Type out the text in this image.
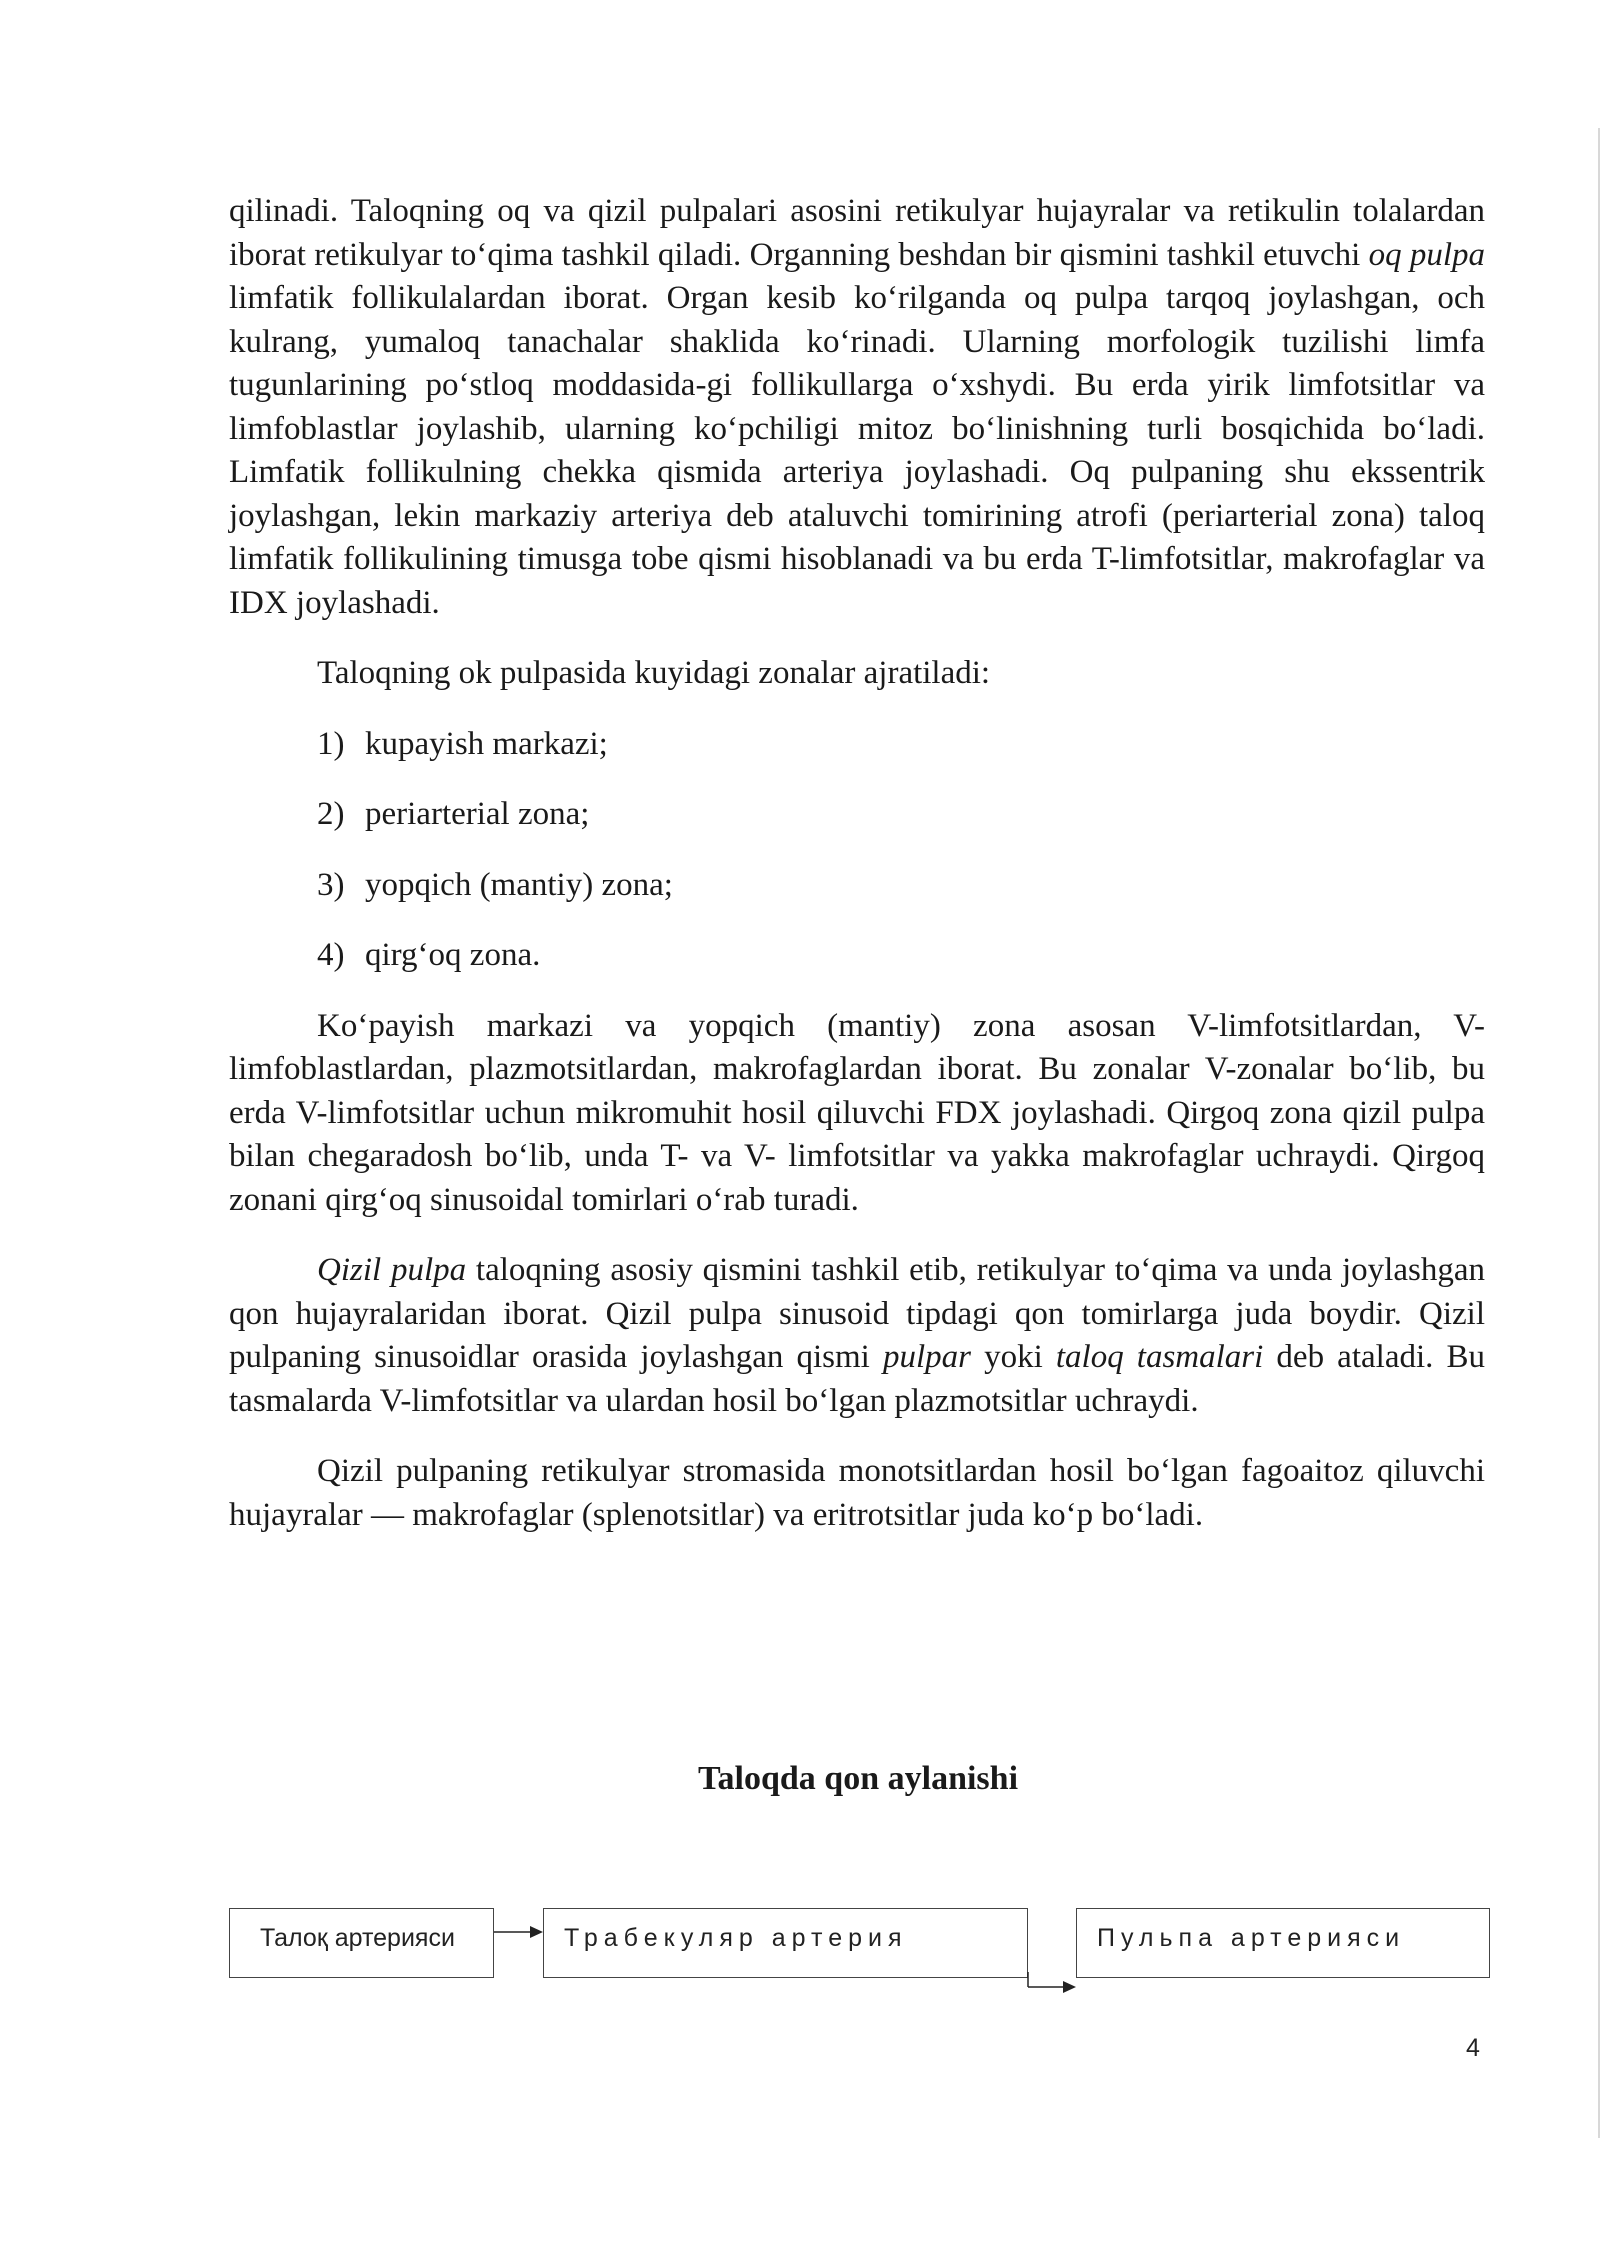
qilinadi. Taloqning oq va qizil pulpalari asosini retikulyar hujayralar va retikulin tolalardan iborat retikulyar to‘qima tashkil qiladi. Organning beshdan bir qismini tashkil etuvchi oq pulpa limfatik follikulalardan iborat. Organ kesib ko‘rilganda oq pulpa tarqoq joylashgan, och kulrang, yumaloq tanachalar shaklida ko‘rinadi. Ularning morfologik tuzilishi limfa tugunlarining po‘stloq moddasida-gi follikullarga o‘xshydi. Bu erda yirik limfotsitlar va limfoblastlar joylashib, ularning ko‘pchiligi mitoz bo‘linishning turli bosqichida bo‘ladi. Limfatik follikulning chekka qismida arteriya joylashadi. Oq pulpaning shu ekssentrik joylashgan, lekin markaziy arteriya deb ataluvchi tomirining atrofi (periarterial zona) taloq limfatik follikulining timusga tobe qismi hisoblanadi va bu erda T-limfotsitlar, makrofaglar va IDX joylashadi.

Taloqning ok pulpasida kuyidagi zonalar ajratiladi:

1) kupayish markazi;
2) periarterial zona;
3) yopqich (mantiy) zona;
4) qirg‘oq zona.

Ko‘payish markazi va yopqich (mantiy) zona asosan V-limfotsitlardan, V-limfoblastlardan, plazmotsitlardan, makrofaglardan iborat. Bu zonalar V-zonalar bo‘lib, bu erda V-limfotsitlar uchun mikromuhit hosil qiluvchi FDX joylashadi. Qirgoq zona qizil pulpa bilan chegaradosh bo‘lib, unda T- va V- limfotsitlar va yakka makrofaglar uchraydi. Qirgoq zonani qirg‘oq sinusoidal tomirlari o‘rab turadi.

Qizil pulpa taloqning asosiy qismini tashkil etib, retikulyar to‘qima va unda joylashgan qon hujayralaridan iborat. Qizil pulpa sinusoid tipdagi qon tomirlarga juda boydir. Qizil pulpaning sinusoidlar orasida joylashgan qismi pulpar yoki taloq tasmalari deb ataladi. Bu tasmalarda V-limfotsitlar va ulardan hosil bo‘lgan plazmotsitlar uchraydi.

Qizil pulpaning retikulyar stromasida monotsitlardan hosil bo‘lgan fagoaitoz qiluvchi hujayralar — makrofaglar (splenotsitlar) va eritrotsitlar juda ko‘p bo‘ladi.

Taloqda qon aylanishi
Талоқ артерияси	Трабекуляр артерия	Пульпа артерияси
4
